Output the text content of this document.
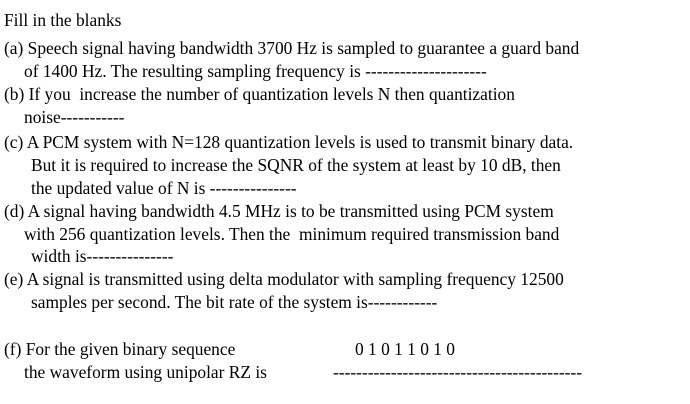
Fill in the blanks
(a) Speech signal having bandwidth 3700 Hz is sampled to guarantee a guard band
of 1400 Hz. The resulting sampling frequency is ---------------------
(b) If you  increase the number of quantization levels N then quantization
noise-----------
(c) A PCM system with N=128 quantization levels is used to transmit binary data.
But it is required to increase the SQNR of the system at least by 10 dB, then
the updated value of N is ---------------
(d) A signal having bandwidth 4.5 MHz is to be transmitted using PCM system
with 256 quantization levels. Then the  minimum required transmission band
width is---------------
(e) A signal is transmitted using delta modulator with sampling frequency 12500
samples per second. The bit rate of the system is------------
(f) For the given binary sequence	0 1 0 1 1 0 1 0
the waveform using unipolar RZ is	-------------------------------------------
